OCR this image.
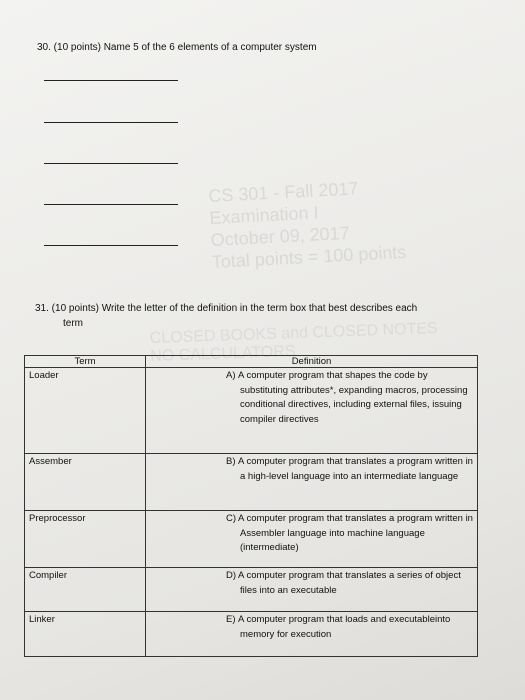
CS 301 - Fall 2017
Examination I
October 09, 2017
Total points = 100 points
CLOSED BOOKS and CLOSED NOTES
NO CALCULATORS
30. (10 points) Name 5 of the 6 elements of a computer system
31. (10 points) Write the letter of the definition in the term box that best describes each
term
Term	Definition
Loader	A) A computer program that shapes the code by substituting attributes*, expanding macros, processing conditional directives, including external files, issuing compiler directives
Assember	B) A computer program that translates a program written in a high-level language into an intermediate language
Preprocessor	C) A computer program that translates a program written in Assembler language into machine language (intermediate)
Compiler	D) A computer program that translates a series of object files into an executable
Linker	E) A computer program that loads and executableinto memory for execution
